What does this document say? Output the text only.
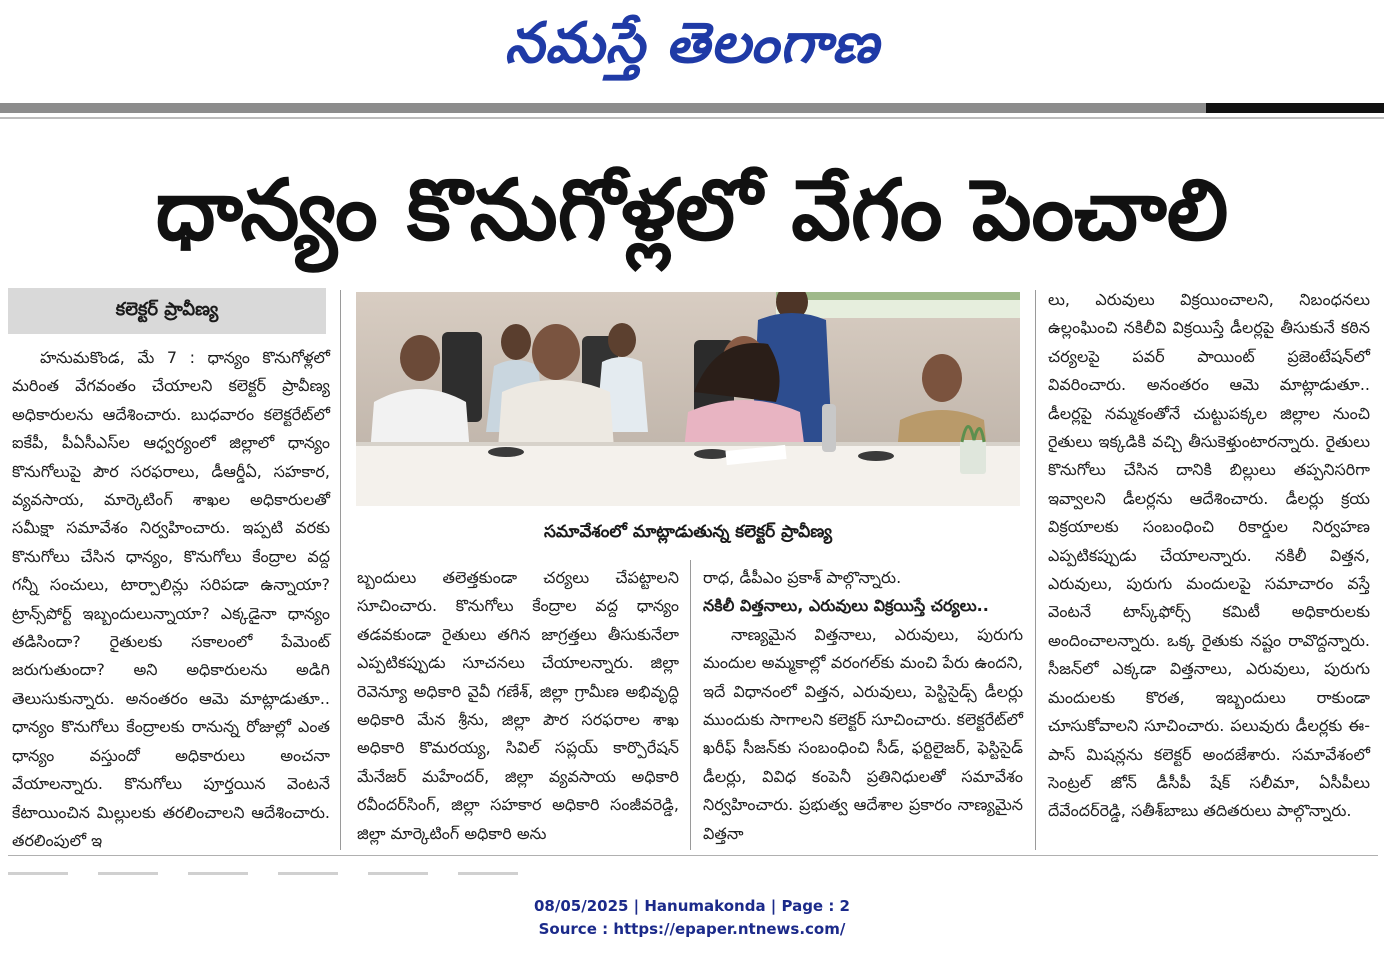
నమస్తే తెలంగాణ
ధాన్యం కొనుగోళ్లలో వేగం పెంచాలి
కలెక్టర్ ప్రావీణ్య

హనుమకొండ, మే 7 : ధాన్యం కొనుగోళ్లలో మరింత వేగవంతం చేయాలని కలెక్టర్ ప్రావీణ్య అధికారులను ఆదేశించారు. బుధవారం కలెక్టరేట్‌లో ఐకేపీ, పీఏసీఎస్‌ల ఆధ్వర్యంలో జిల్లాలో ధాన్యం కొనుగోలుపై పౌర సరఫరాలు, డీఆర్డీఏ, సహకార, వ్యవసాయ, మార్కెటింగ్ శాఖల అధికారులతో సమీక్షా సమావేశం నిర్వహించారు. ఇప్పటి వరకు కొనుగోలు చేసిన ధాన్యం, కొనుగోలు కేంద్రాల వద్ద గన్నీ సంచులు, టార్పాలిన్లు సరిపడా ఉన్నాయా? ట్రాన్స్‌పోర్ట్ ఇబ్బందులున్నాయా? ఎక్కడైనా ధాన్యం తడిసిందా? రైతులకు సకాలంలో పేమెంట్ జరుగుతుందా? అని అధికారులను అడిగి తెలుసుకున్నారు. అనంతరం ఆమె మాట్లాడుతూ.. ధాన్యం కొనుగోలు కేంద్రాలకు రానున్న రోజుల్లో ఎంత ధాన్యం వస్తుందో అధికారులు అంచనా వేయాలన్నారు. కొనుగోలు పూర్తయిన వెంటనే కేటాయించిన మిల్లులకు తరలించాలని ఆదేశించారు. తరలింపులో ఇ

సమావేశంలో మాట్లాడుతున్న కలెక్టర్ ప్రావీణ్య

బ్బందులు తలెత్తకుండా చర్యలు చేపట్టాలని సూచించారు. కొనుగోలు కేంద్రాల వద్ద ధాన్యం తడవకుండా రైతులు తగిన జాగ్రత్తలు తీసుకునేలా ఎప్పటికప్పుడు సూచనలు చేయాలన్నారు. జిల్లా రెవెన్యూ అధికారి వైవీ గణేశ్, జిల్లా గ్రామీణ అభివృద్ధి అధికారి మేన శ్రీను, జిల్లా పౌర సరఫరాల శాఖ అధికారి కొమరయ్య, సివిల్ సప్లయ్ కార్పొరేషన్ మేనేజర్ మహేందర్, జిల్లా వ్యవసాయ అధికారి రవీందర్‌సింగ్, జిల్లా సహకార అధికారి సంజీవరెడ్డి, జిల్లా మార్కెటింగ్ అధికారి అను

రాధ, డీపీఎం ప్రకాశ్ పాల్గొన్నారు.

నకిలీ విత్తనాలు, ఎరువులు విక్రయిస్తే చర్యలు..

నాణ్యమైన విత్తనాలు, ఎరువులు, పురుగు మందుల అమ్మకాల్లో వరంగల్‌కు మంచి పేరు ఉందని, ఇదే విధానంలో విత్తన, ఎరువులు, పెస్టిసైడ్స్ డీలర్లు ముందుకు సాగాలని కలెక్టర్ సూచించారు. కలెక్టరేట్‌లో ఖరీఫ్ సీజన్‌కు సంబంధించి సీడ్, ఫర్టిలైజర్, ఫెస్టిసైడ్ డీలర్లు, వివిధ కంపెనీ ప్రతినిధులతో సమావేశం నిర్వహించారు. ప్రభుత్వ ఆదేశాల ప్రకారం నాణ్యమైన విత్తనా

లు, ఎరువులు విక్రయించాలని, నిబంధనలు ఉల్లంఘించి నకిలీవి విక్రయిస్తే డీలర్లపై తీసుకునే కఠిన చర్యలపై పవర్ పాయింట్ ప్రజెంటేషన్‌లో వివరించారు. అనంతరం ఆమె మాట్లాడుతూ.. డీలర్లపై నమ్మకంతోనే చుట్టుపక్కల జిల్లాల నుంచి రైతులు ఇక్కడికి వచ్చి తీసుకెళ్తుంటారన్నారు. రైతులు కొనుగోలు చేసిన దానికి బిల్లులు తప్పనిసరిగా ఇవ్వాలని డీలర్లను ఆదేశించారు. డీలర్లు క్రయ విక్రయాలకు సంబంధించి రికార్డుల నిర్వహణ ఎప్పటికప్పుడు చేయాలన్నారు. నకిలీ విత్తన, ఎరువులు, పురుగు మందులపై సమాచారం వస్తే వెంటనే టాస్క్‌ఫోర్స్ కమిటీ అధికారులకు అందించాలన్నారు. ఒక్క రైతుకు నష్టం రావొద్దన్నారు. సీజన్‌లో ఎక్కడా విత్తనాలు, ఎరువులు, పురుగు మందులకు కొరత, ఇబ్బందులు రాకుండా చూసుకోవాలని సూచించారు. పలువురు డీలర్లకు ఈ-పాస్ మిషన్లను కలెక్టర్ అందజేశారు. సమావేశంలో సెంట్రల్ జోన్ డీసీపీ షేక్ సలీమా, ఏసీపీలు దేవేందర్‌రెడ్డి, సతీశ్‌బాబు తదితరులు పాల్గొన్నారు.

08/05/2025 | Hanumakonda | Page : 2
Source : https://epaper.ntnews.com/
